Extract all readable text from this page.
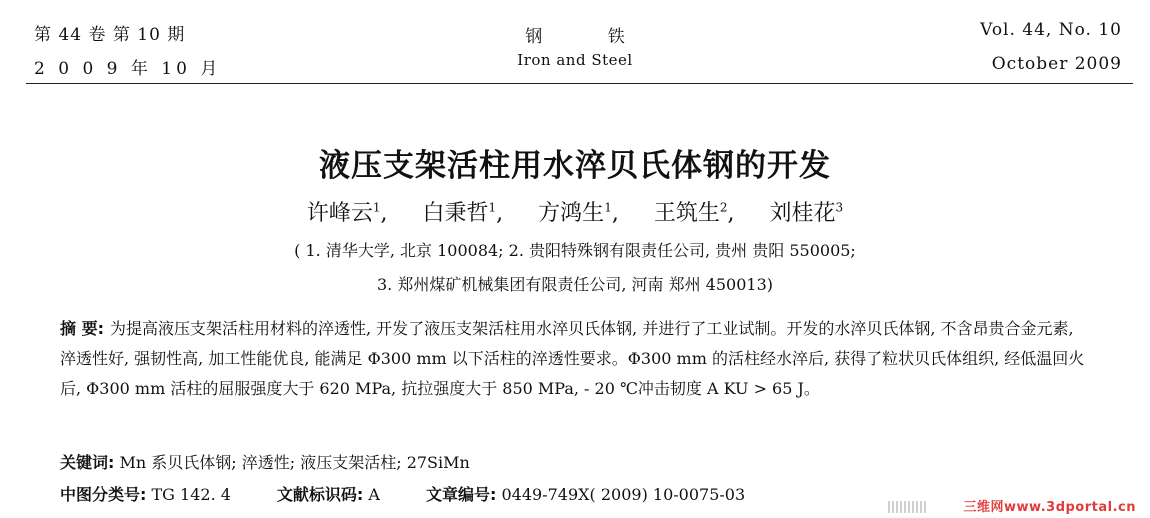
第 44 卷 第 10 期
2 0 0 9 年 10 月
钢 铁
Iron and Steel
Vol. 44, No. 10
October 2009
液压支架活柱用水淬贝氏体钢的开发
许峰云$^1$, 白秉哲$^1$, 方鸿生$^1$, 王筑生$^2$, 刘桂花$^3$
( 1. 清华大学, 北京 100084; 2. 贵阳特殊钢有限责任公司, 贵州 贵阳 550005;
3. 郑州煤矿机械集团有限责任公司, 河南 郑州 450013)
摘 要: 为提高液压支架活柱用材料的淬透性, 开发了液压支架活柱用水淬贝氏体钢, 并进行了工业试制。开发的水淬贝氏体钢, 不含昂贵合金元素, 淬透性好, 强韧性高, 加工性能优良, 能满足 Φ300 mm 以下活柱的淬透性要求。Φ300 mm 的活柱经水淬后, 获得了粒状贝氏体组织, 经低温回火后, Φ300 mm 活柱的屈服强度大于 620 MPa, 抗拉强度大于 850 MPa, - 20 ℃冲击韧度 A KU > 65 J。
关键词: Mn 系贝氏体钢; 淬透性; 液压支架活柱; 27SiMn
中图分类号: TG 142. 4	文献标识码: A	文章编号: 0449-749X( 2009) 10-0075-03
三维网www.3dportal.cn
